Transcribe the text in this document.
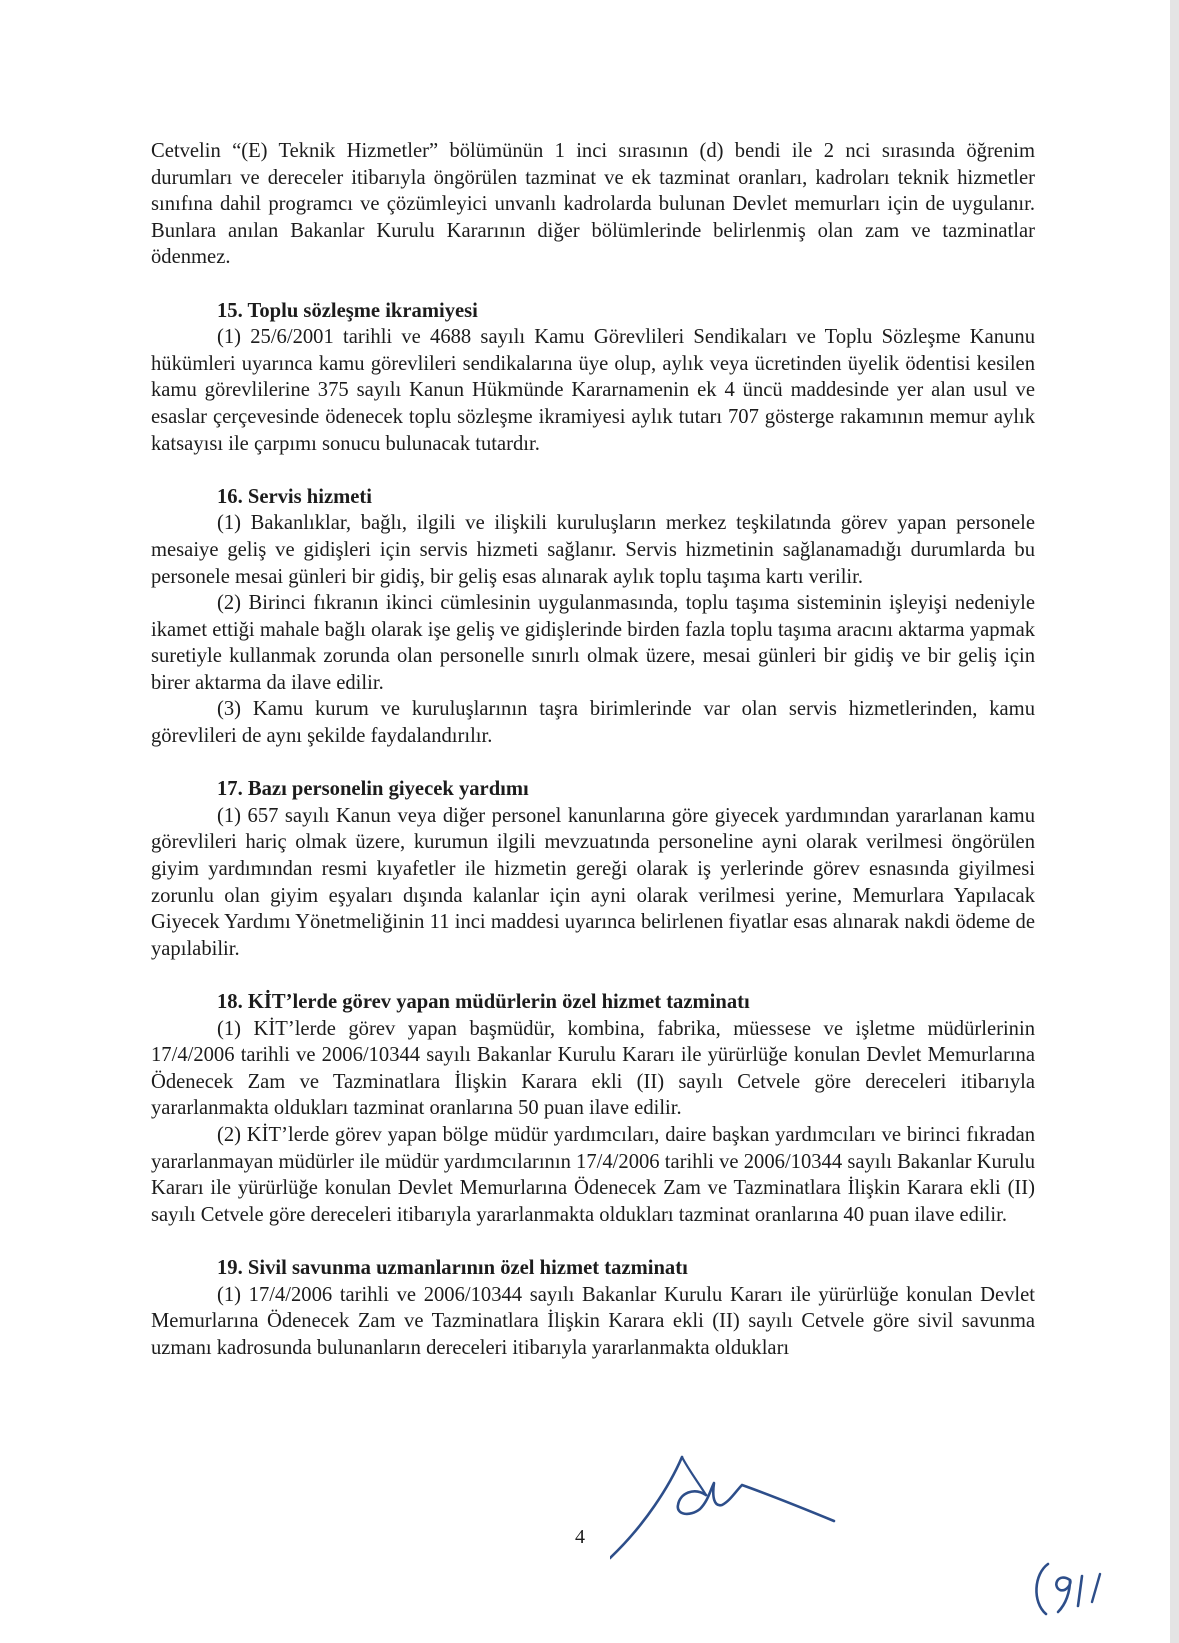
Cetvelin “(E) Teknik Hizmetler” bölümünün 1 inci sırasının (d) bendi ile 2 nci sırasında öğrenim durumları ve dereceler itibarıyla öngörülen tazminat ve ek tazminat oranları, kadroları teknik hizmetler sınıfına dahil programcı ve çözümleyici unvanlı kadrolarda bulunan Devlet memurları için de uygulanır. Bunlara anılan Bakanlar Kurulu Kararının diğer bölümlerinde belirlenmiş olan zam ve tazminatlar ödenmez.

15. Toplu sözleşme ikramiyesi

(1) 25/6/2001 tarihli ve 4688 sayılı Kamu Görevlileri Sendikaları ve Toplu Sözleşme Kanunu hükümleri uyarınca kamu görevlileri sendikalarına üye olup, aylık veya ücretinden üyelik ödentisi kesilen kamu görevlilerine 375 sayılı Kanun Hükmünde Kararnamenin ek 4 üncü maddesinde yer alan usul ve esaslar çerçevesinde ödenecek toplu sözleşme ikramiyesi aylık tutarı 707 gösterge rakamının memur aylık katsayısı ile çarpımı sonucu bulunacak tutardır.

16. Servis hizmeti

(1) Bakanlıklar, bağlı, ilgili ve ilişkili kuruluşların merkez teşkilatında görev yapan personele mesaiye geliş ve gidişleri için servis hizmeti sağlanır. Servis hizmetinin sağlanamadığı durumlarda bu personele mesai günleri bir gidiş, bir geliş esas alınarak aylık toplu taşıma kartı verilir.

(2) Birinci fıkranın ikinci cümlesinin uygulanmasında, toplu taşıma sisteminin işleyişi nedeniyle ikamet ettiği mahale bağlı olarak işe geliş ve gidişlerinde birden fazla toplu taşıma aracını aktarma yapmak suretiyle kullanmak zorunda olan personelle sınırlı olmak üzere, mesai günleri bir gidiş ve bir geliş için birer aktarma da ilave edilir.

(3) Kamu kurum ve kuruluşlarının taşra birimlerinde var olan servis hizmetlerinden, kamu görevlileri de aynı şekilde faydalandırılır.

17. Bazı personelin giyecek yardımı

(1) 657 sayılı Kanun veya diğer personel kanunlarına göre giyecek yardımından yararlanan kamu görevlileri hariç olmak üzere, kurumun ilgili mevzuatında personeline ayni olarak verilmesi öngörülen giyim yardımından resmi kıyafetler ile hizmetin gereği olarak iş yerlerinde görev esnasında giyilmesi zorunlu olan giyim eşyaları dışında kalanlar için ayni olarak verilmesi yerine, Memurlara Yapılacak Giyecek Yardımı Yönetmeliğinin 11 inci maddesi uyarınca belirlenen fiyatlar esas alınarak nakdi ödeme de yapılabilir.

18. KİT’lerde görev yapan müdürlerin özel hizmet tazminatı

(1) KİT’lerde görev yapan başmüdür, kombina, fabrika, müessese ve işletme müdürlerinin 17/4/2006 tarihli ve 2006/10344 sayılı Bakanlar Kurulu Kararı ile yürürlüğe konulan Devlet Memurlarına Ödenecek Zam ve Tazminatlara İlişkin Karara ekli (II) sayılı Cetvele göre dereceleri itibarıyla yararlanmakta oldukları tazminat oranlarına 50 puan ilave edilir.

(2) KİT’lerde görev yapan bölge müdür yardımcıları, daire başkan yardımcıları ve birinci fıkradan yararlanmayan müdürler ile müdür yardımcılarının 17/4/2006 tarihli ve 2006/10344 sayılı Bakanlar Kurulu Kararı ile yürürlüğe konulan Devlet Memurlarına Ödenecek Zam ve Tazminatlara İlişkin Karara ekli (II) sayılı Cetvele göre dereceleri itibarıyla yararlanmakta oldukları tazminat oranlarına 40 puan ilave edilir.

19. Sivil savunma uzmanlarının özel hizmet tazminatı

(1) 17/4/2006 tarihli ve 2006/10344 sayılı Bakanlar Kurulu Kararı ile yürürlüğe konulan Devlet Memurlarına Ödenecek Zam ve Tazminatlara İlişkin Karara ekli (II) sayılı Cetvele göre sivil savunma uzmanı kadrosunda bulunanların dereceleri itibarıyla yararlanmakta oldukları

4
